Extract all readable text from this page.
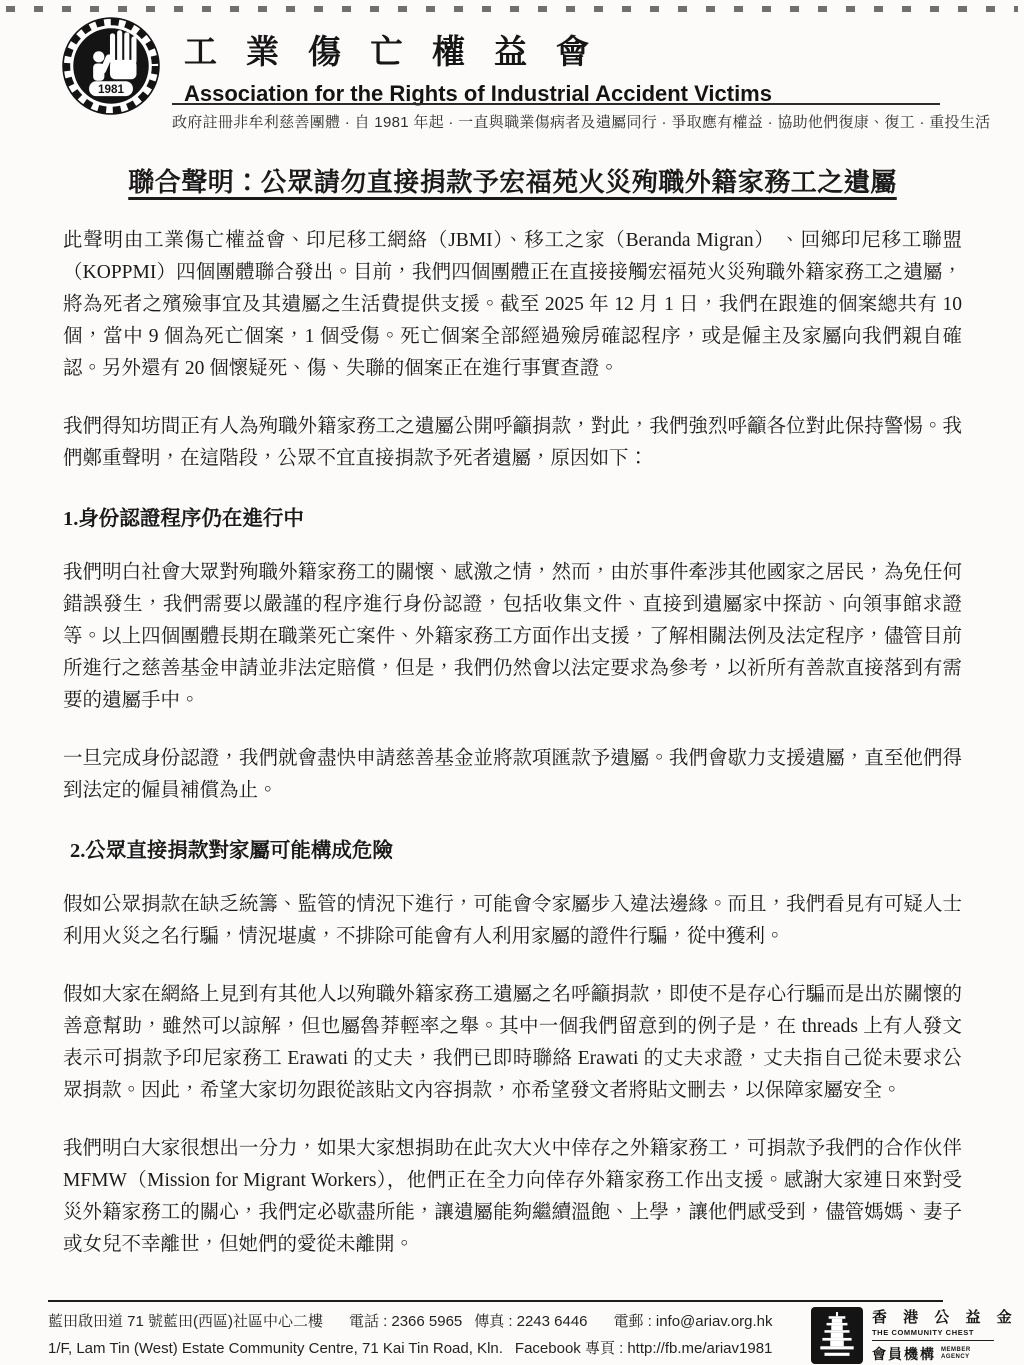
1981
工業傷亡權益會
Association for the Rights of Industrial Accident Victims
政府註冊非牟利慈善團體 · 自 1981 年起 · 一直與職業傷病者及遺屬同行 · 爭取應有權益 · 協助他們復康、復工 · 重投生活
聯合聲明：公眾請勿直接捐款予宏福苑火災殉職外籍家務工之遺屬

此聲明由工業傷亡權益會、印尼移工網絡（JBMI）、移工之家（Beranda Migran） 、回鄉印尼移工聯盟（KOPPMI）四個團體聯合發出。目前，我們四個團體正在直接接觸宏福苑火災殉職外籍家務工之遺屬，將為死者之殯殮事宜及其遺屬之生活費提供支援。截至 2025 年 12 月 1 日，我們在跟進的個案總共有 10 個，當中 9 個為死亡個案，1 個受傷。死亡個案全部經過殮房確認程序，或是僱主及家屬向我們親自確認。另外還有 20 個懷疑死、傷、失聯的個案正在進行事實查證。

我們得知坊間正有人為殉職外籍家務工之遺屬公開呼籲捐款，對此，我們強烈呼籲各位對此保持警惕。我們鄭重聲明，在這階段，公眾不宜直接捐款予死者遺屬，原因如下：

1.身份認證程序仍在進行中

我們明白社會大眾對殉職外籍家務工的關懷、感激之情，然而，由於事件牽涉其他國家之居民，為免任何錯誤發生，我們需要以嚴謹的程序進行身份認證，包括收集文件、直接到遺屬家中探訪、向領事館求證等。以上四個團體長期在職業死亡案件、外籍家務工方面作出支援，了解相關法例及法定程序，儘管目前所進行之慈善基金申請並非法定賠償，但是，我們仍然會以法定要求為參考，以祈所有善款直接落到有需要的遺屬手中。

一旦完成身份認證，我們就會盡快申請慈善基金並將款項匯款予遺屬。我們會歇力支援遺屬，直至他們得到法定的僱員補償為止。

2.公眾直接捐款對家屬可能構成危險

假如公眾捐款在缺乏統籌、監管的情況下進行，可能會令家屬步入違法邊緣。而且，我們看見有可疑人士利用火災之名行騙，情況堪虞，不排除可能會有人利用家屬的證件行騙，從中獲利。

假如大家在網絡上見到有其他人以殉職外籍家務工遺屬之名呼籲捐款，即使不是存心行騙而是出於關懷的善意幫助，雖然可以諒解，但也屬魯莽輕率之舉。其中一個我們留意到的例子是，在 threads 上有人發文表示可捐款予印尼家務工 Erawati 的丈夫，我們已即時聯絡 Erawati 的丈夫求證，丈夫指自己從未要求公眾捐款。因此，希望大家切勿跟從該貼文內容捐款，亦希望發文者將貼文刪去，以保障家屬安全。

我們明白大家很想出一分力，如果大家想捐助在此次大火中倖存之外籍家務工，可捐款予我們的合作伙伴 MFMW（Mission for Migrant Workers），他們正在全力向倖存外籍家務工作出支援。感謝大家連日來對受災外籍家務工的關心，我們定必歇盡所能，讓遺屬能夠繼續溫飽、上學，讓他們感受到，儘管媽媽、妻子或女兒不幸離世，但她們的愛從未離開。

藍田啟田道 71 號藍田(西區)社區中心二樓 電話 : 2366 5965 傳真 : 2243 6446 電郵 : info@ariav.org.hk
1/F, Lam Tin (West) Estate Community Centre, 71 Kai Tin Road, Kln. Facebook 專頁 : http://fb.me/ariav1981
香 港 公 益 金
THE COMMUNITY CHEST
會員機構 MEMBER
AGENCY
